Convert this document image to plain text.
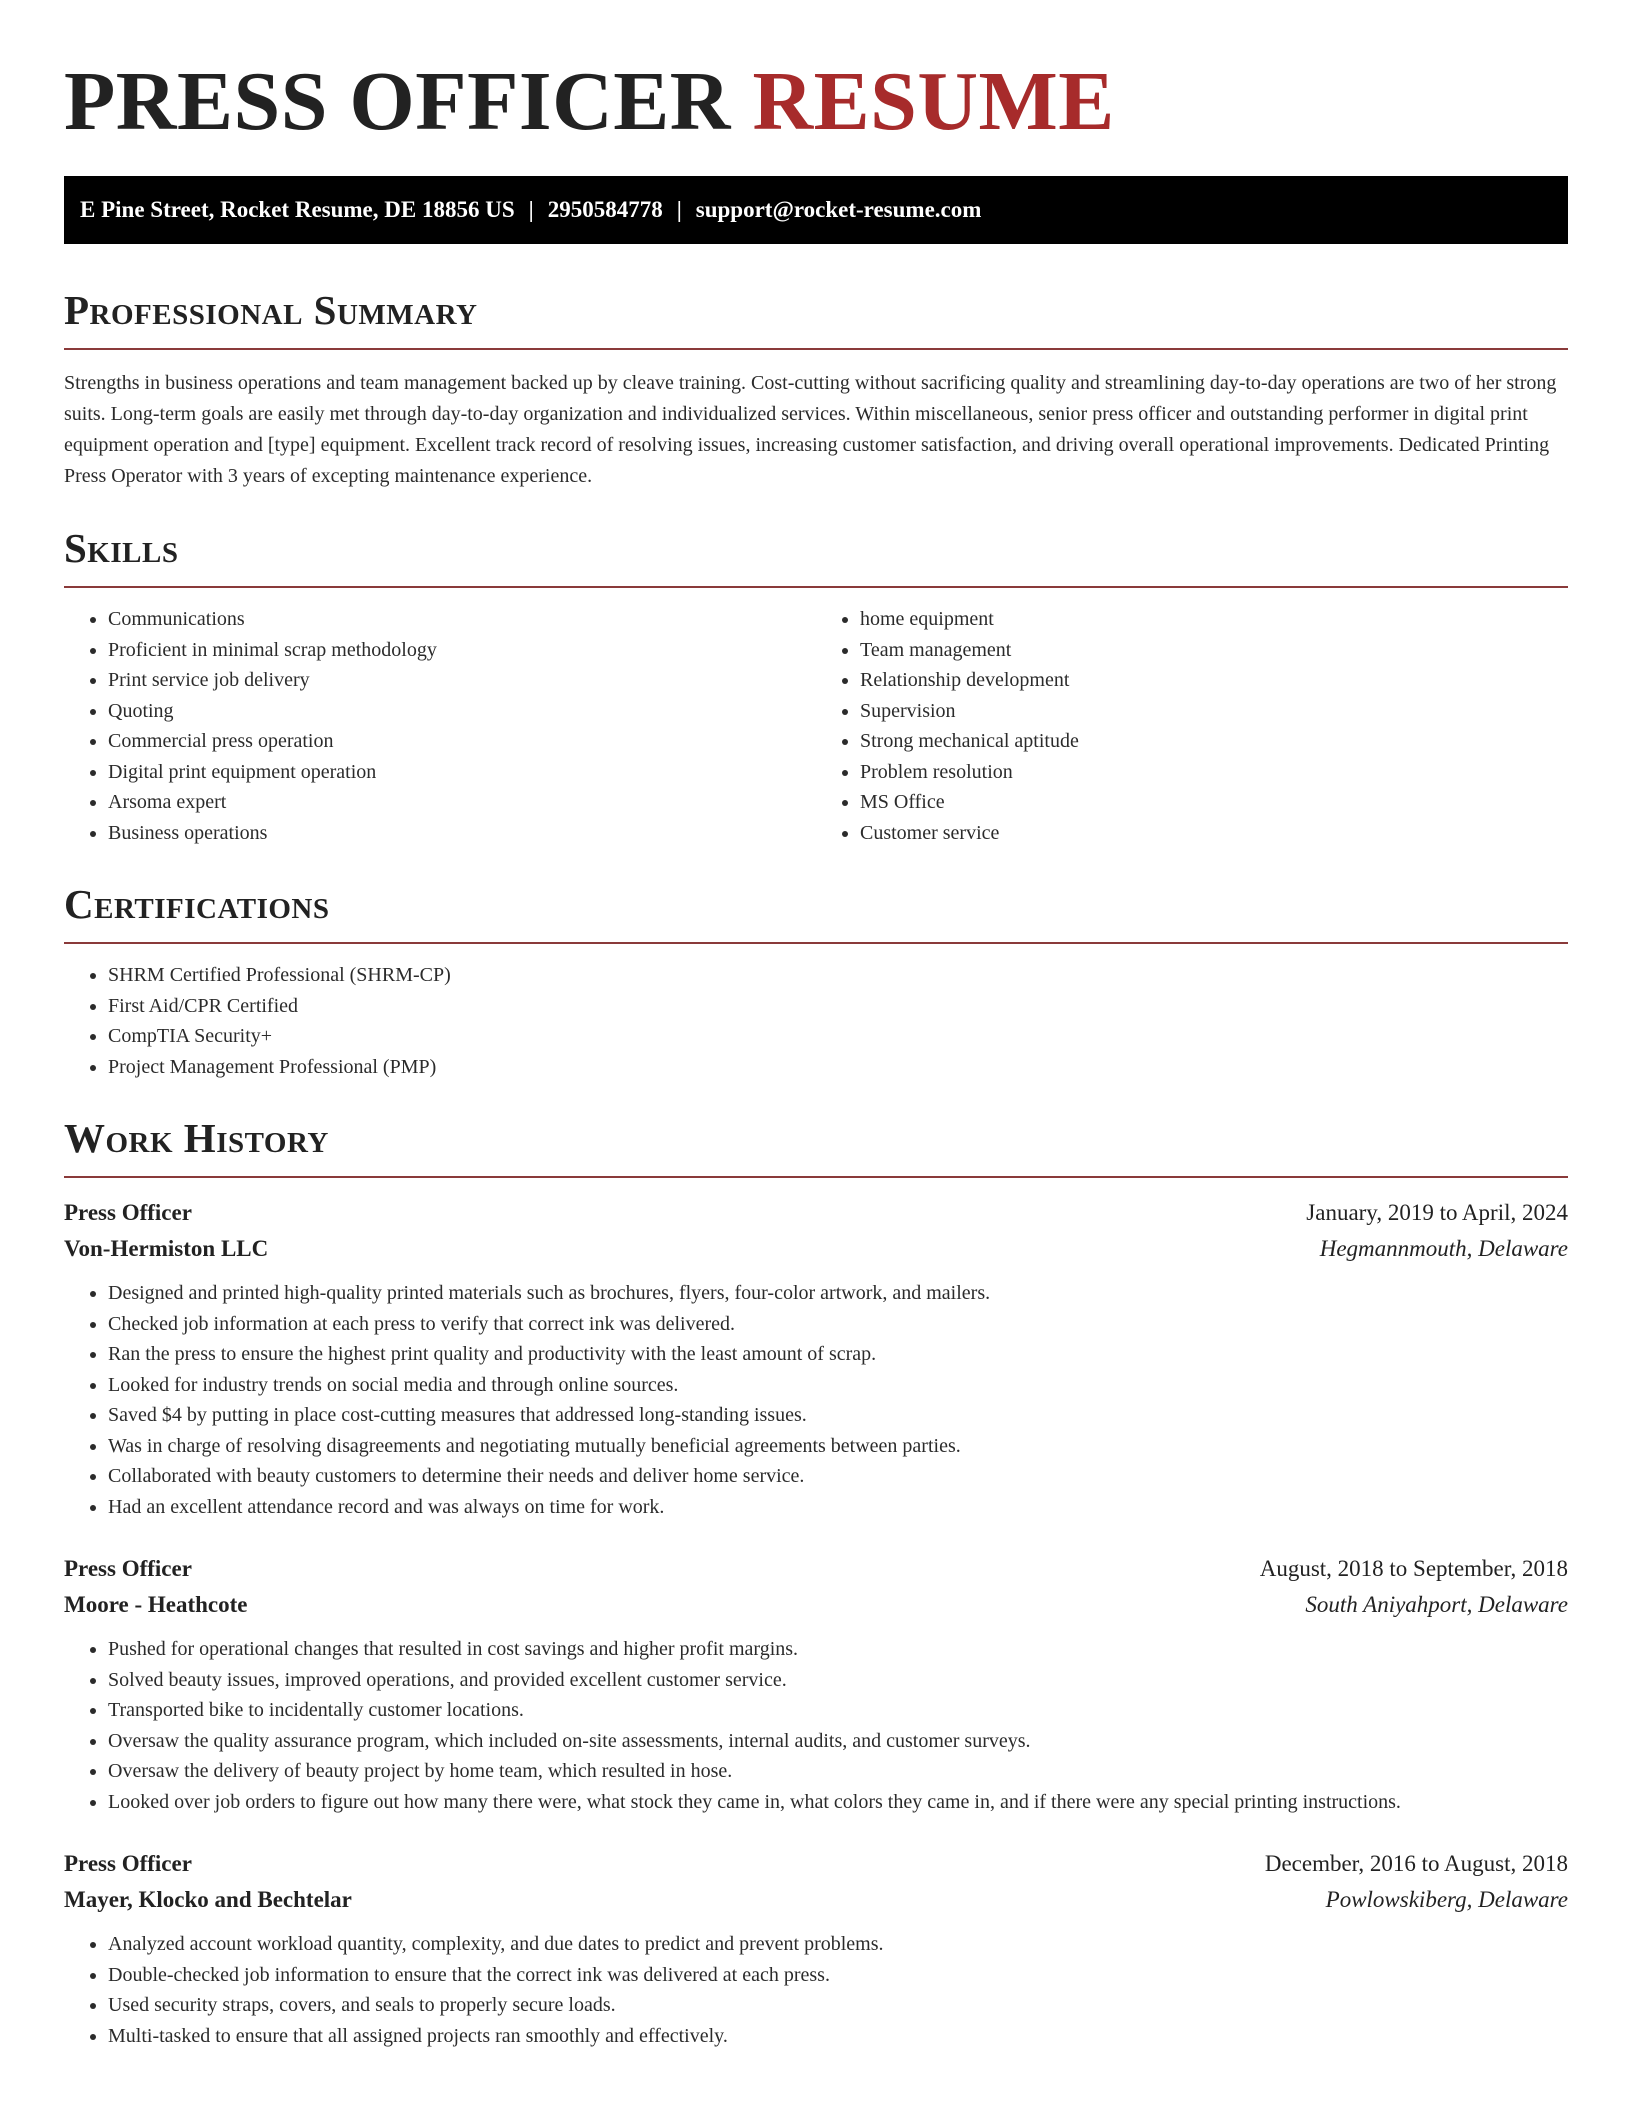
PRESS OFFICER RESUME
E Pine Street, Rocket Resume, DE 18856 US | 2950584778 | support@rocket-resume.com
Professional Summary

Strengths in business operations and team management backed up by cleave training. Cost-cutting without sacrificing quality and streamlining day-to-day operations are two of her strong suits. Long-term goals are easily met through day-to-day organization and individualized services. Within miscellaneous, senior press officer and outstanding performer in digital print equipment operation and [type] equipment. Excellent track record of resolving issues, increasing customer satisfaction, and driving overall operational improvements. Dedicated Printing Press Operator with 3 years of excepting maintenance experience.

Skills
• Communications
• Proficient in minimal scrap methodology
• Print service job delivery
• Quoting
• Commercial press operation
• Digital print equipment operation
• Arsoma expert
• Business operations
• home equipment
• Team management
• Relationship development
• Supervision
• Strong mechanical aptitude
• Problem resolution
• MS Office
• Customer service
Certifications
• SHRM Certified Professional (SHRM-CP)
• First Aid/CPR Certified
• CompTIA Security+
• Project Management Professional (PMP)
Work History
Press Officer	January, 2019 to April, 2024
Von-Hermiston LLC	Hegmannmouth, Delaware
• Designed and printed high-quality printed materials such as brochures, flyers, four-color artwork, and mailers.
• Checked job information at each press to verify that correct ink was delivered.
• Ran the press to ensure the highest print quality and productivity with the least amount of scrap.
• Looked for industry trends on social media and through online sources.
• Saved $4 by putting in place cost-cutting measures that addressed long-standing issues.
• Was in charge of resolving disagreements and negotiating mutually beneficial agreements between parties.
• Collaborated with beauty customers to determine their needs and deliver home service.
• Had an excellent attendance record and was always on time for work.
Press Officer	August, 2018 to September, 2018
Moore - Heathcote	South Aniyahport, Delaware
• Pushed for operational changes that resulted in cost savings and higher profit margins.
• Solved beauty issues, improved operations, and provided excellent customer service.
• Transported bike to incidentally customer locations.
• Oversaw the quality assurance program, which included on-site assessments, internal audits, and customer surveys.
• Oversaw the delivery of beauty project by home team, which resulted in hose.
• Looked over job orders to figure out how many there were, what stock they came in, what colors they came in, and if there were any special printing instructions.
Press Officer	December, 2016 to August, 2018
Mayer, Klocko and Bechtelar	Powlowskiberg, Delaware
• Analyzed account workload quantity, complexity, and due dates to predict and prevent problems.
• Double-checked job information to ensure that the correct ink was delivered at each press.
• Used security straps, covers, and seals to properly secure loads.
• Multi-tasked to ensure that all assigned projects ran smoothly and effectively.
